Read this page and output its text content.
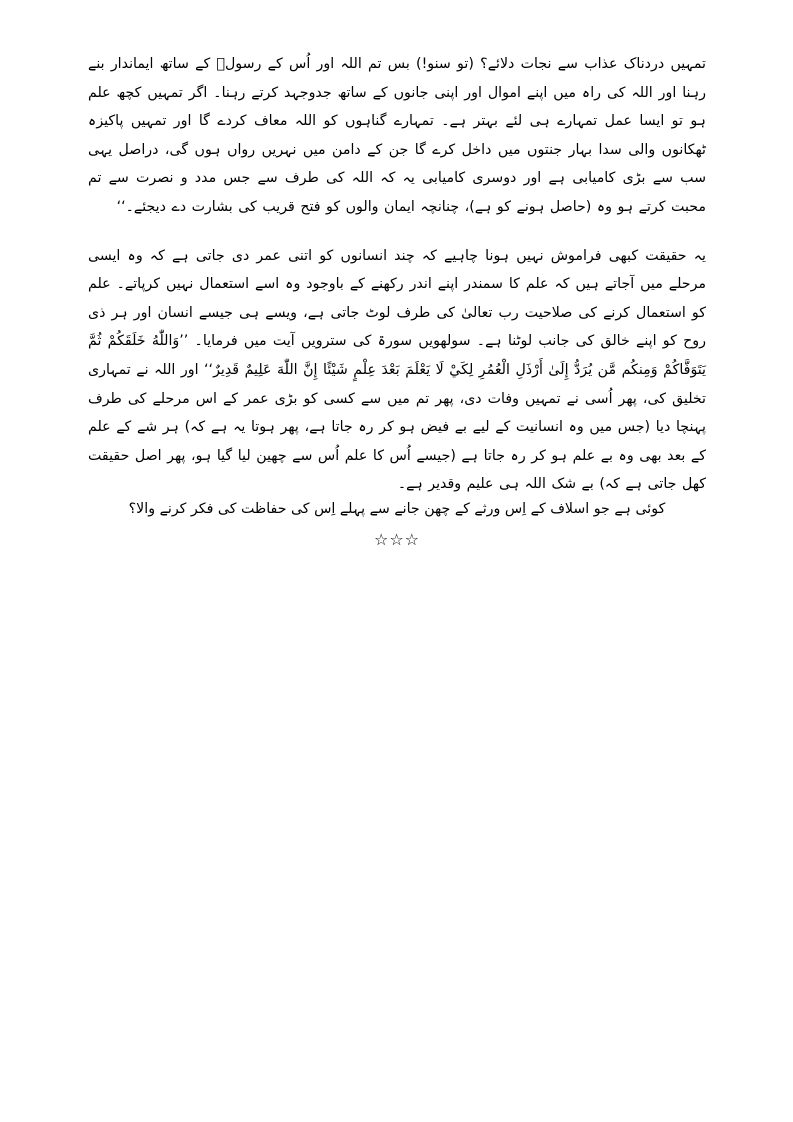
تمہیں دردناک عذاب سے نجات دلائے؟ (تو سنو!) بس تم اللہ اور اُس کے رسولؐ کے ساتھ ایماندار بنے رہنا اور اللہ کی راہ میں اپنے اموال اور اپنی جانوں کے ساتھ جدوجہد کرتے رہنا۔ اگر تمہیں کچھ علم ہو تو ایسا عمل تمہارے ہی لئے بہتر ہے۔ تمہارے گناہوں کو اللہ معاف کردے گا اور تمہیں پاکیزہ ٹھکانوں والی سدا بہار جنتوں میں داخل کرے گا جن کے دامن میں نہریں رواں ہوں گی، دراصل یہی سب سے بڑی کامیابی ہے اور دوسری کامیابی یہ کہ اللہ کی طرف سے جس مدد و نصرت سے تم محبت کرتے ہو وہ (حاصل ہونے کو ہے)، چنانچہ ایمان والوں کو فتح قریب کی بشارت دے دیجئے۔‘‘

یہ حقیقت کبھی فراموش نہیں ہونا چاہیے کہ چند انسانوں کو اتنی عمر دی جاتی ہے کہ وہ ایسی مرحلے میں آجاتے ہیں کہ علم کا سمندر اپنے اندر رکھنے کے باوجود وہ اسے استعمال نہیں کرپاتے۔ علم کو استعمال کرنے کی صلاحیت رب تعالیٰ کی طرف لوٹ جاتی ہے، ویسے ہی جیسے انسان اور ہر ذی روح کو اپنے خالق کی جانب لوٹنا ہے۔ سولھویں سورۃ کی سترویں آیت میں فرمایا۔ ’’وَاللّٰهُ خَلَقَكُمْ ثُمَّ يَتَوَفَّاكُمْ وَمِنكُم مَّن يُرَدُّ إِلَىٰ أَرْذَلِ الْعُمُرِ لِكَيْ لَا يَعْلَمَ بَعْدَ عِلْمٍ شَيْئًا إِنَّ اللّٰهَ عَلِيمٌ قَدِيرٌ‘‘ اور اللہ نے تمہاری تخلیق کی، پھر اُسی نے تمہیں وفات دی، پھر تم میں سے کسی کو بڑی عمر کے اس مرحلے کی طرف پہنچا دیا (جس میں وہ انسانیت کے لیے بے فیض ہو کر رہ جاتا ہے، پھر ہوتا یہ ہے کہ) ہر شے کے علم کے بعد بھی وہ بے علم ہو کر رہ جاتا ہے (جیسے اُس کا علم اُس سے چھین لیا گیا ہو، پھر اصل حقیقت کھل جاتی ہے کہ) بے شک اللہ ہی علیم وقدیر ہے۔

کوئی ہے جو اسلاف کے اِس ورثے کے چھن جانے سے پہلے اِس کی حفاظت کی فکر کرنے والا؟

☆☆☆
